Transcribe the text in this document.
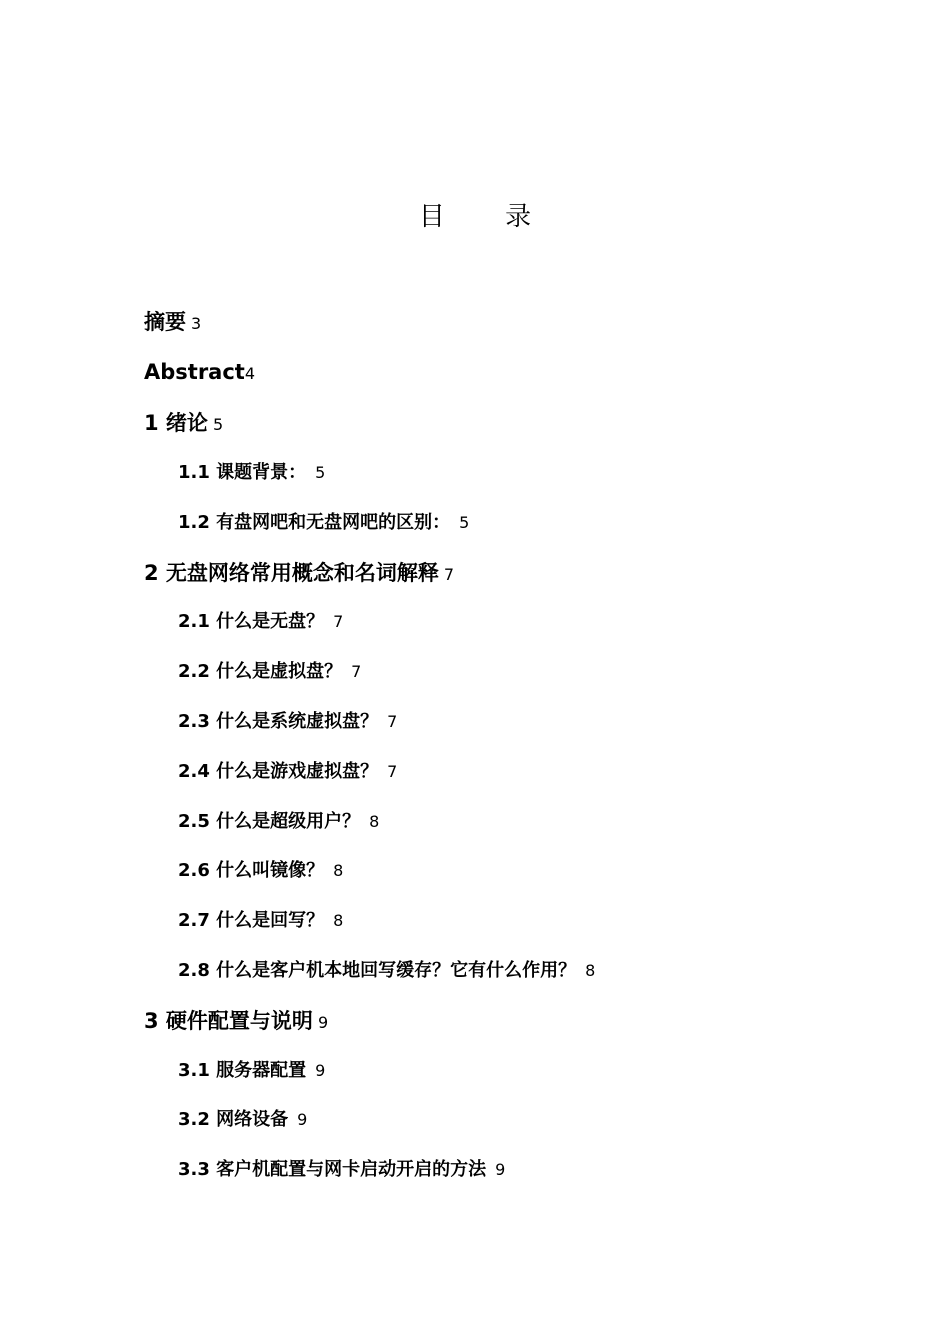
目 录
摘要 3
Abstract4
1 绪论 5
1.1 课题背景： 5
1.2 有盘网吧和无盘网吧的区别： 5
2 无盘网络常用概念和名词解释 7
2.1 什么是无盘？ 7
2.2 什么是虚拟盘？ 7
2.3 什么是系统虚拟盘？ 7
2.4 什么是游戏虚拟盘？ 7
2.5 什么是超级用户？ 8
2.6 什么叫镜像？ 8
2.7 什么是回写？ 8
2.8 什么是客户机本地回写缓存？它有什么作用？ 8
3 硬件配置与说明 9
3.1 服务器配置 9
3.2 网络设备 9
3.3 客户机配置与网卡启动开启的方法 9
